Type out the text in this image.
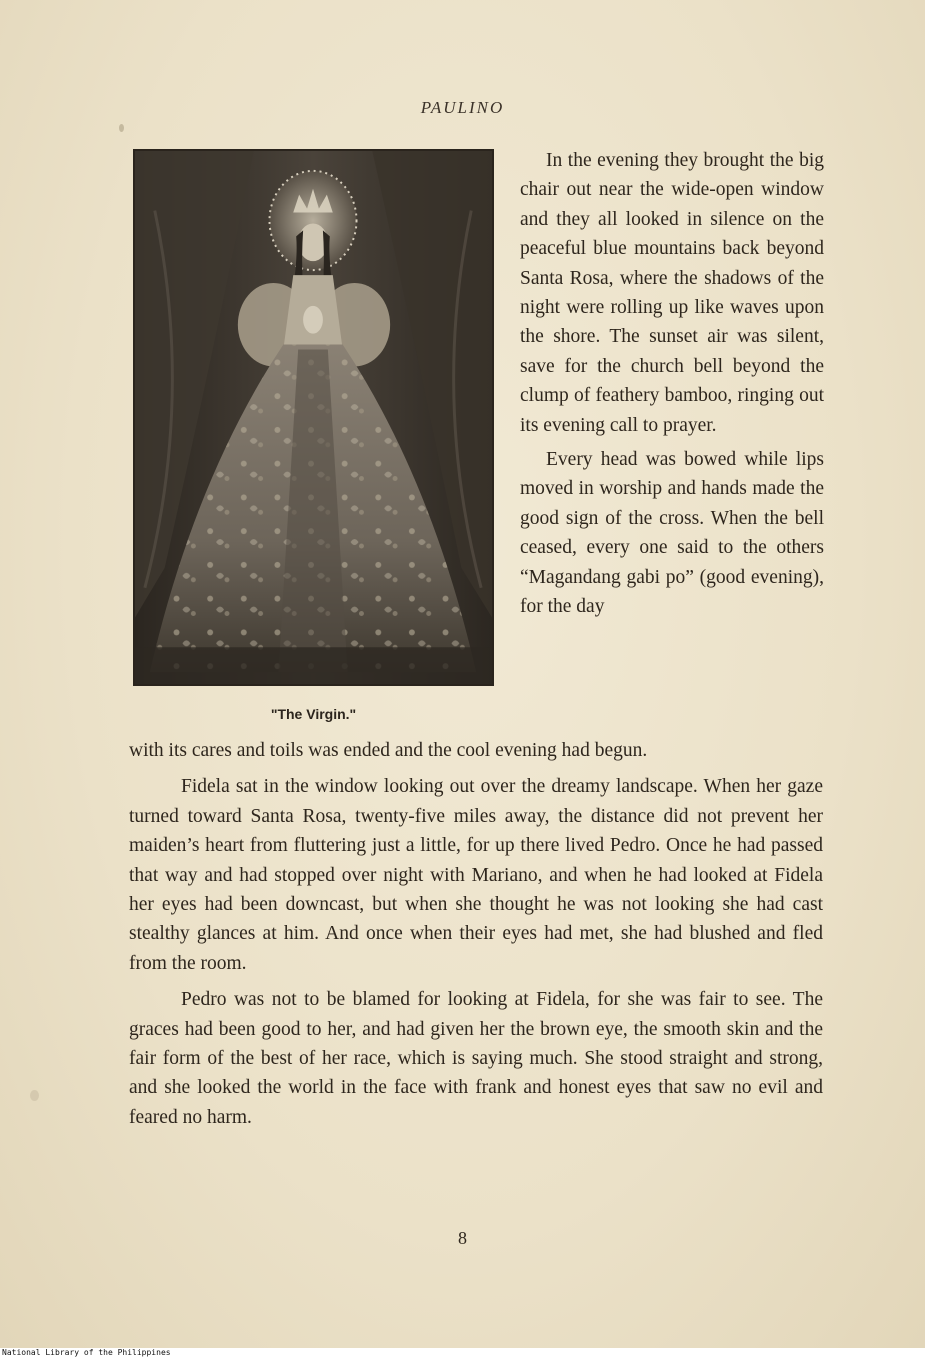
PAULINO
"The Virgin."

In the evening they brought the big chair out near the wide-open window and they all looked in silence on the peaceful blue mountains back beyond Santa Rosa, where the shadows of the night were rolling up like waves upon the shore. The sunset air was silent, save for the church bell beyond the clump of feathery bamboo, ringing out its evening call to prayer.

Every head was bowed while lips moved in worship and hands made the good sign of the cross. When the bell ceased, every one said to the others “Magandang gabi po” (good evening), for the day

with its cares and toils was ended and the cool evening had begun.

Fidela sat in the window looking out over the dreamy landscape. When her gaze turned toward Santa Rosa, twenty-five miles away, the distance did not prevent her maiden’s heart from fluttering just a little, for up there lived Pedro. Once he had passed that way and had stopped over night with Mariano, and when he had looked at Fidela her eyes had been downcast, but when she thought he was not looking she had cast stealthy glances at him. And once when their eyes had met, she had blushed and fled from the room.

Pedro was not to be blamed for looking at Fidela, for she was fair to see. The graces had been good to her, and had given her the brown eye, the smooth skin and the fair form of the best of her race, which is saying much. She stood straight and strong, and she looked the world in the face with frank and honest eyes that saw no evil and feared no harm.

8
National Library of the Philippines
